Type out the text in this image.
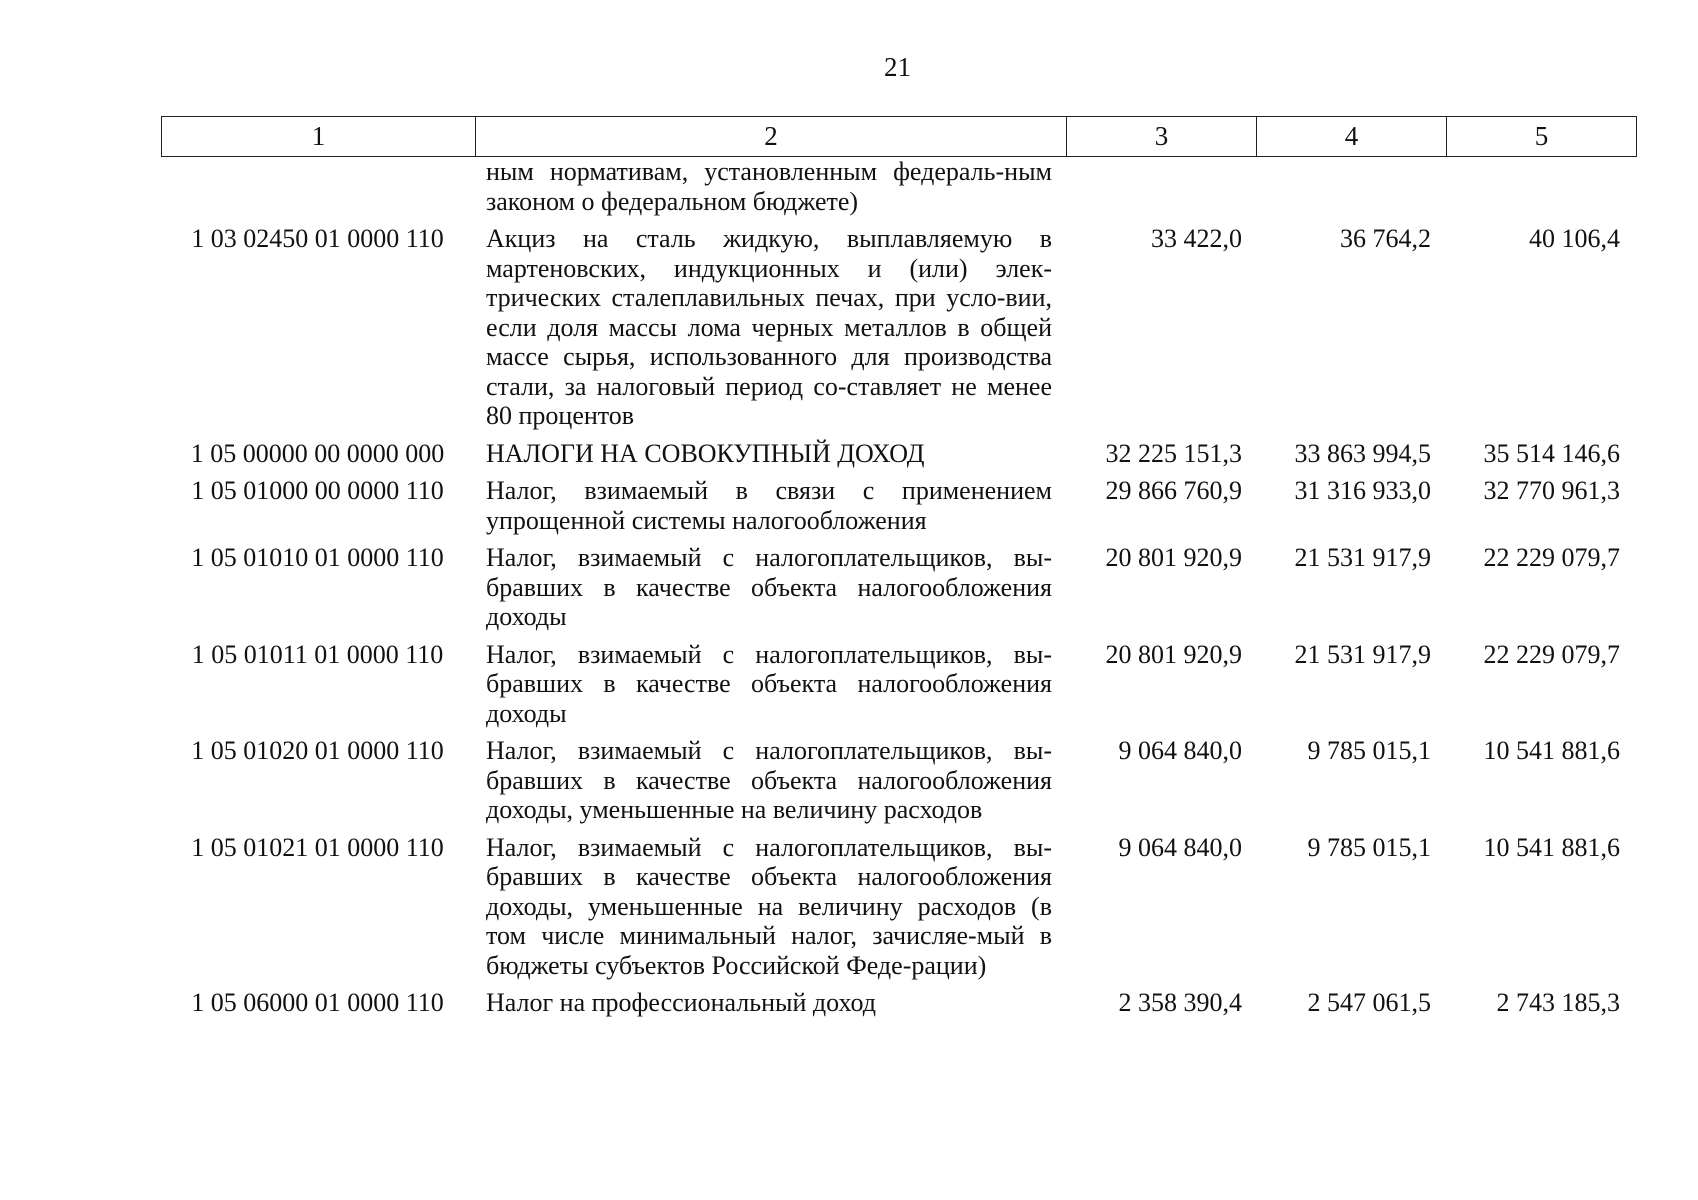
21
1	2	3	4	5
	ным нормативам, установленным федераль-ным законом о федеральном бюджете)			
1 03 02450 01 0000 110	Акциз на сталь жидкую, выплавляемую в мартеновских, индукционных и (или) элек-трических сталеплавильных печах, при усло-вии, если доля массы лома черных металлов в общей массе сырья, использованного для производства стали, за налоговый период со-ставляет не менее 80 процентов	33 422,0	36 764,2	40 106,4
1 05 00000 00 0000 000	НАЛОГИ НА СОВОКУПНЫЙ ДОХОД	32 225 151,3	33 863 994,5	35 514 146,6
1 05 01000 00 0000 110	Налог, взимаемый в связи с применением упрощенной системы налогообложения	29 866 760,9	31 316 933,0	32 770 961,3
1 05 01010 01 0000 110	Налог, взимаемый с налогоплательщиков, вы-бравших в качестве объекта налогообложения доходы	20 801 920,9	21 531 917,9	22 229 079,7
1 05 01011 01 0000 110	Налог, взимаемый с налогоплательщиков, вы-бравших в качестве объекта налогообложения доходы	20 801 920,9	21 531 917,9	22 229 079,7
1 05 01020 01 0000 110	Налог, взимаемый с налогоплательщиков, вы-бравших в качестве объекта налогообложения доходы, уменьшенные на величину расходов	9 064 840,0	9 785 015,1	10 541 881,6
1 05 01021 01 0000 110	Налог, взимаемый с налогоплательщиков, вы-бравших в качестве объекта налогообложения доходы, уменьшенные на величину расходов (в том числе минимальный налог, зачисляе-мый в бюджеты субъектов Российской Феде-рации)	9 064 840,0	9 785 015,1	10 541 881,6
1 05 06000 01 0000 110	Налог на профессиональный доход	2 358 390,4	2 547 061,5	2 743 185,3
